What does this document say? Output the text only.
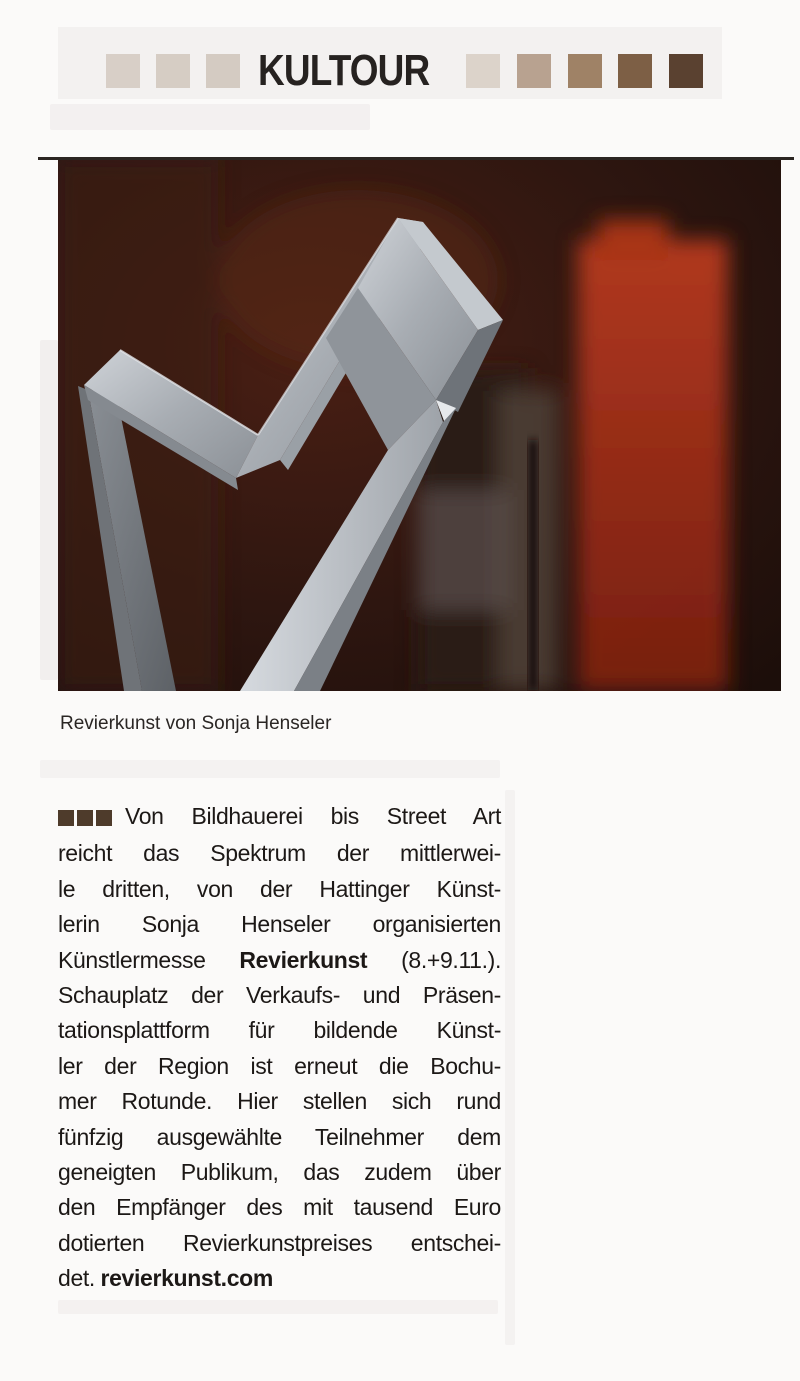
KULTOUR
Revierkunst von Sonja Henseler
Von Bildhauerei bis Street Art
reicht das Spektrum der mittlerwei-
le dritten, von der Hattinger Künst-
lerin Sonja Henseler organisierten
Künstlermesse Revierkunst (8.+9.11.).
Schauplatz der Verkaufs- und Präsen-
tationsplattform für bildende Künst-
ler der Region ist erneut die Bochu-
mer Rotunde. Hier stellen sich rund
fünfzig ausgewählte Teilnehmer dem
geneigten Publikum, das zudem über
den Empfänger des mit tausend Euro
dotierten Revierkunstpreises entschei-
det. revierkunst.com
